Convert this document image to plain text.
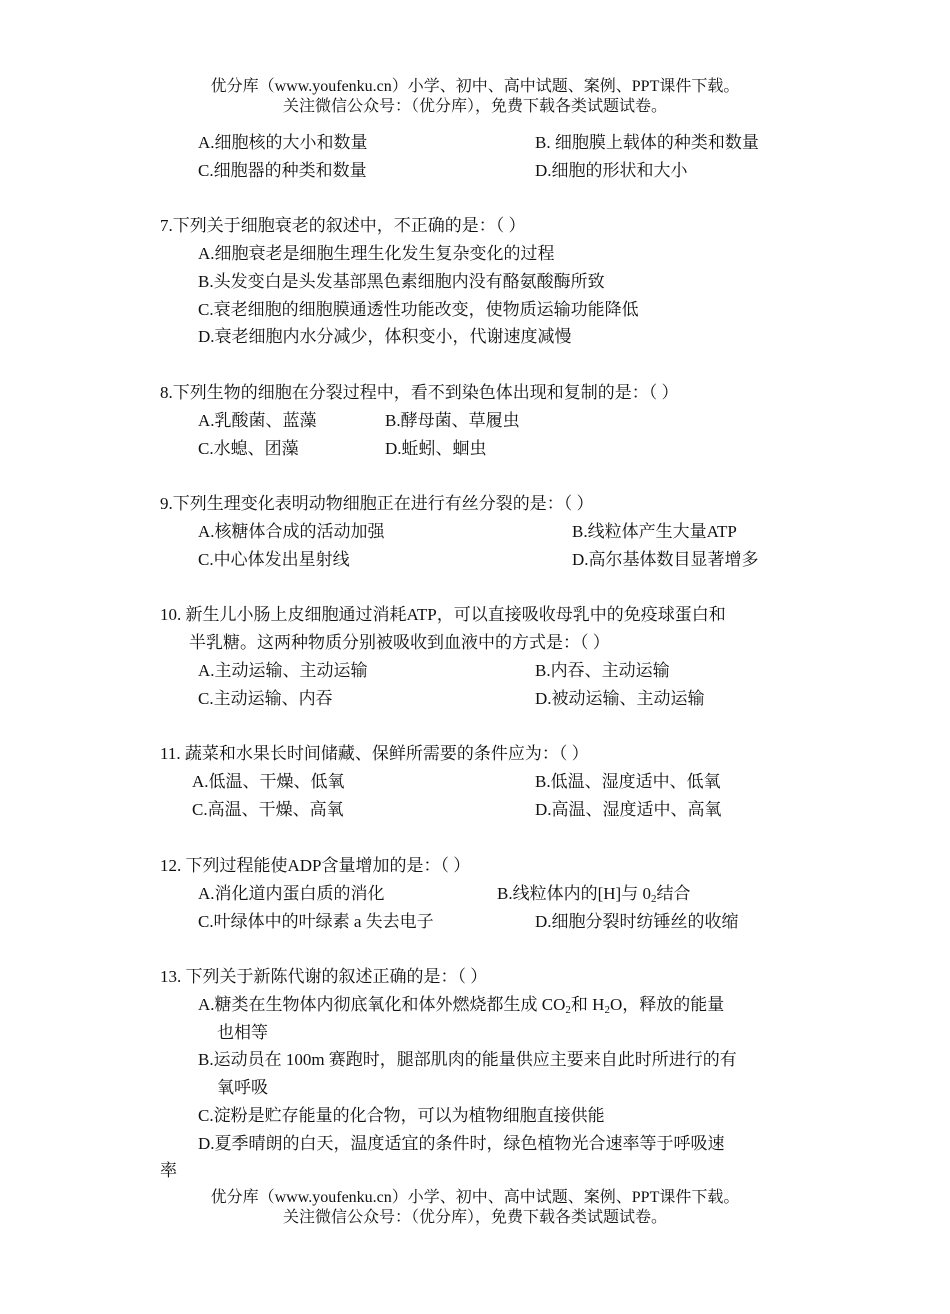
优分库（www.youfenku.cn）小学、初中、高中试题、案例、PPT课件下载。
关注微信公众号：（优分库），免费下载各类试题试卷。
A.细胞核的大小和数量	B. 细胞膜上载体的种类和数量
C.细胞器的种类和数量	D.细胞的形状和大小
7.下列关于细胞衰老的叙述中，不正确的是：（ ）
A.细胞衰老是细胞生理生化发生复杂变化的过程
B.头发变白是头发基部黑色素细胞内没有酪氨酸酶所致
C.衰老细胞的细胞膜通透性功能改变，使物质运输功能降低
D.衰老细胞内水分减少，体积变小，代谢速度减慢
8.下列生物的细胞在分裂过程中，看不到染色体出现和复制的是：（ ）
A.乳酸菌、蓝藻	B.酵母菌、草履虫
C.水螅、团藻	D.蚯蚓、蛔虫
9.下列生理变化表明动物细胞正在进行有丝分裂的是：（ ）
A.核糖体合成的活动加强	B.线粒体产生大量ATP
C.中心体发出星射线	D.高尔基体数目显著增多
10. 新生儿小肠上皮细胞通过消耗ATP，可以直接吸收母乳中的免疫球蛋白和
半乳糖。这两种物质分别被吸收到血液中的方式是：（ ）
A.主动运输、主动运输	B.内吞、主动运输
C.主动运输、内吞	D.被动运输、主动运输
11. 蔬菜和水果长时间储藏、保鲜所需要的条件应为：（ ）
A.低温、干燥、低氧	B.低温、湿度适中、低氧
C.高温、干燥、高氧	D.高温、湿度适中、高氧
12. 下列过程能使ADP含量增加的是：（ ）
A.消化道内蛋白质的消化	B.线粒体内的[H]与 $0_2$结合
C.叶绿体中的叶绿素 a 失去电子	D.细胞分裂时纺锤丝的收缩
13. 下列关于新陈代谢的叙述正确的是：（ ）
A.糖类在生物体内彻底氧化和体外燃烧都生成 $CO_2$和 $H_2O$，释放的能量
也相等
B.运动员在 100m 赛跑时，腿部肌肉的能量供应主要来自此时所进行的有
氧呼吸
C.淀粉是贮存能量的化合物，可以为植物细胞直接供能
D.夏季晴朗的白天，温度适宜的条件时，绿色植物光合速率等于呼吸速
率
优分库（www.youfenku.cn）小学、初中、高中试题、案例、PPT课件下载。
关注微信公众号：（优分库），免费下载各类试题试卷。
